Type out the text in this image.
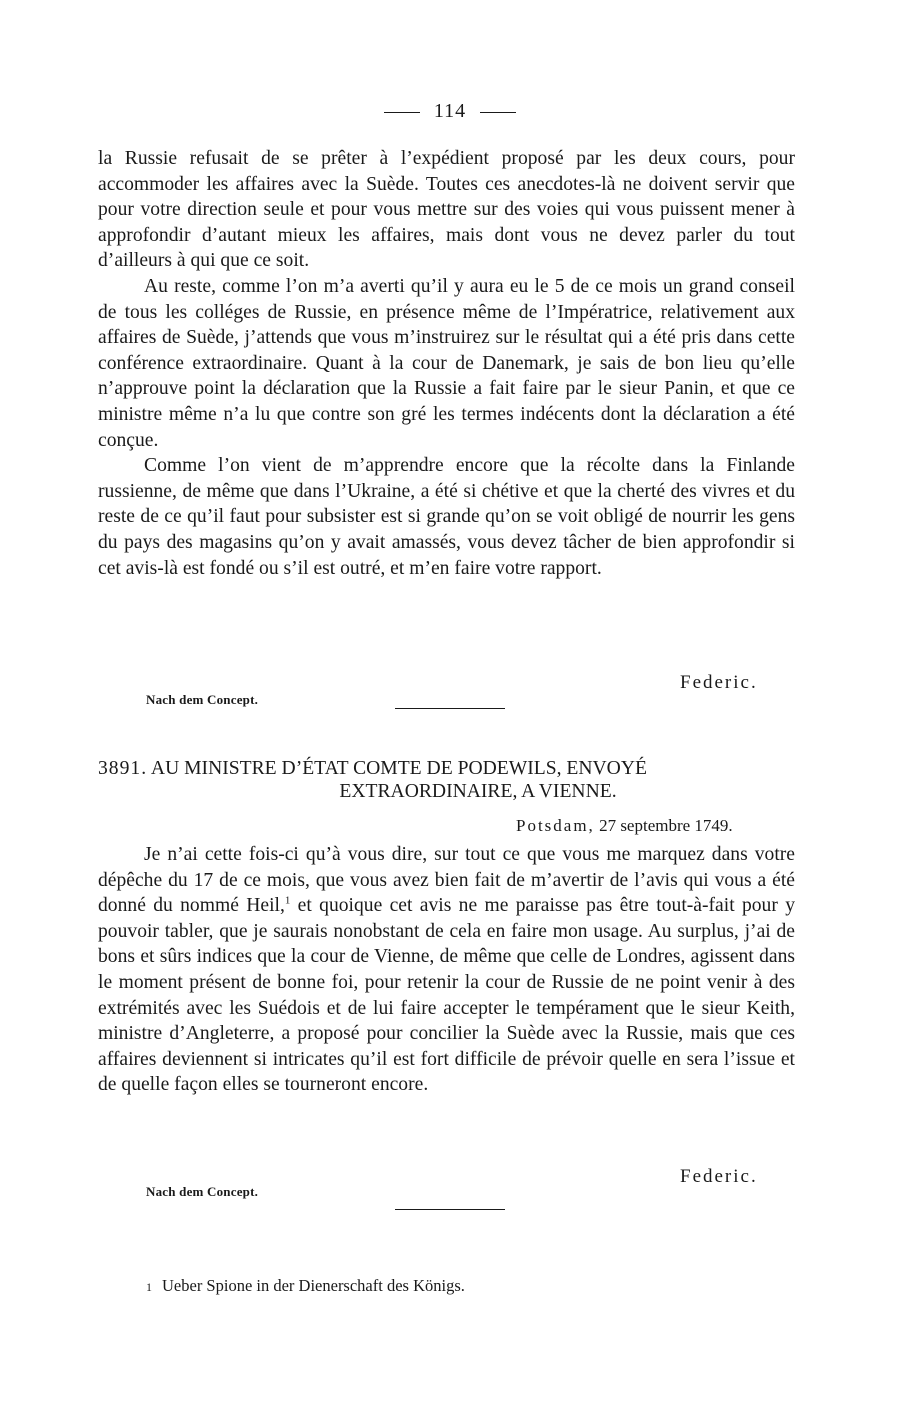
114

la Russie refusait de se prêter à l’expédient proposé par les deux cours, pour accommoder les affaires avec la Suède. Toutes ces anecdotes-là ne doivent servir que pour votre direction seule et pour vous mettre sur des voies qui vous puissent mener à approfondir d’autant mieux les affaires, mais dont vous ne devez parler du tout d’ailleurs à qui que ce soit.

Au reste, comme l’on m’a averti qu’il y aura eu le 5 de ce mois un grand conseil de tous les colléges de Russie, en présence même de l’Impératrice, relativement aux affaires de Suède, j’attends que vous m’instruirez sur le résultat qui a été pris dans cette conférence extraordinaire. Quant à la cour de Danemark, je sais de bon lieu qu’elle n’approuve point la déclaration que la Russie a fait faire par le sieur Panin, et que ce ministre même n’a lu que contre son gré les termes indécents dont la déclaration a été conçue.

Comme l’on vient de m’apprendre encore que la récolte dans la Finlande russienne, de même que dans l’Ukraine, a été si chétive et que la cherté des vivres et du reste de ce qu’il faut pour subsister est si grande qu’on se voit obligé de nourrir les gens du pays des magasins qu’on y avait amassés, vous devez tâcher de bien approfondir si cet avis-là est fondé ou s’il est outré, et m’en faire votre rapport.

Federic.
Nach dem Concept.
3891. AU MINISTRE D’ÉTAT COMTE DE PODEWILS, ENVOYÉ
EXTRAORDINAIRE, A VIENNE.
Potsdam, 27 septembre 1749.

Je n’ai cette fois-ci qu’à vous dire, sur tout ce que vous me marquez dans votre dépêche du 17 de ce mois, que vous avez bien fait de m’avertir de l’avis qui vous a été donné du nommé Heil,$^1$ et quoique cet avis ne me paraisse pas être tout-à-fait pour y pouvoir tabler, que je saurais nonobstant de cela en faire mon usage. Au surplus, j’ai de bons et sûrs indices que la cour de Vienne, de même que celle de Londres, agissent dans le moment présent de bonne foi, pour retenir la cour de Russie de ne point venir à des extrémités avec les Suédois et de lui faire accepter le tempérament que le sieur Keith, ministre d’Angleterre, a proposé pour concilier la Suède avec la Russie, mais que ces affaires deviennent si intricates qu’il est fort difficile de prévoir quelle en sera l’issue et de quelle façon elles se tourneront encore.

Federic.
Nach dem Concept.
1 Ueber Spione in der Dienerschaft des Königs.
